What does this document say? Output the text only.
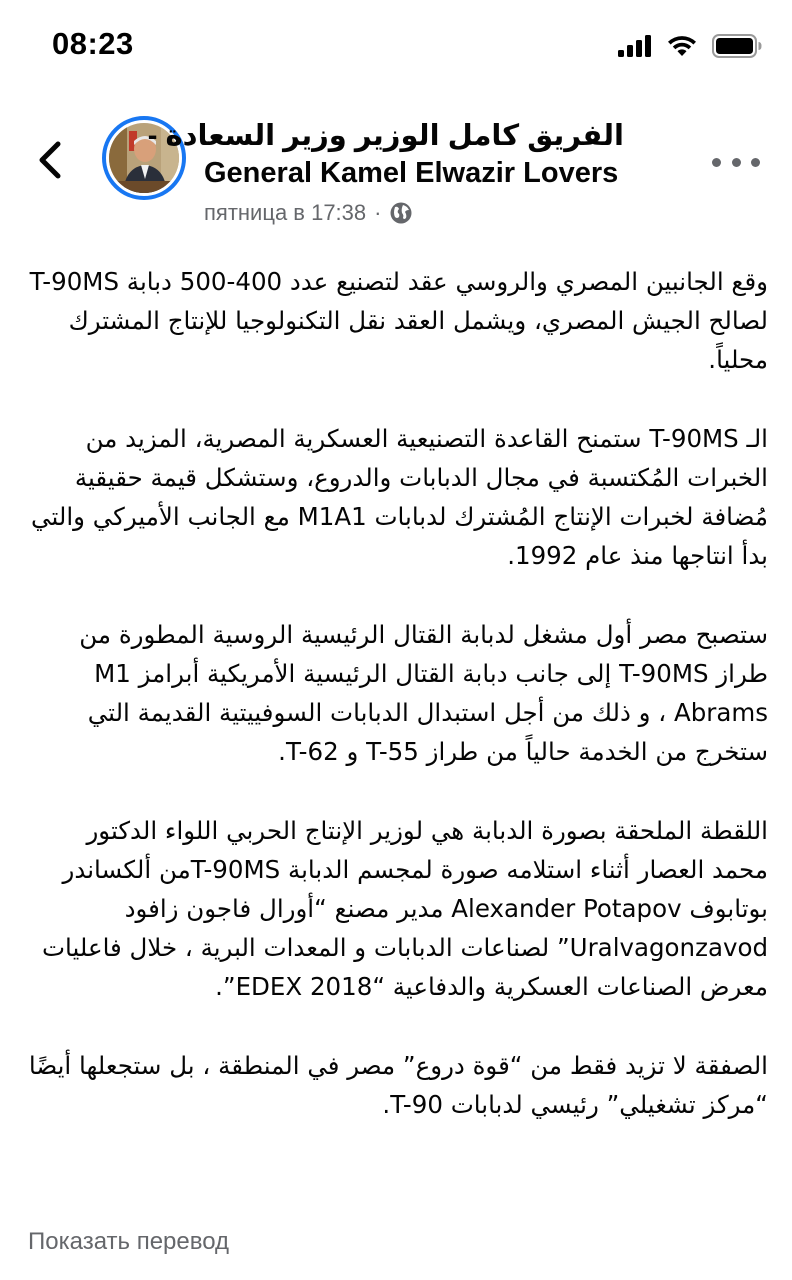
08:23
الفريق كامل الوزير وزير السعادة -
General Kamel Elwazir Lovers
пятница в 17:38 ·

وقع الجانبين المصري والروسي عقد لتصنيع عدد 400-500 دبابة T-90MS لصالح الجيش المصري، ويشمل العقد نقل التكنولوجيا للإنتاج المشترك محلياً.

الـ T-90MS ستمنح القاعدة التصنيعية العسكرية المصرية، المزيد من الخبرات المُكتسبة في مجال الدبابات والدروع، وستشكل قيمة حقيقية مُضافة لخبرات الإنتاج المُشترك لدبابات M1A1 مع الجانب الأميركي والتي بدأ انتاجها منذ عام 1992.

ستصبح مصر أول مشغل لدبابة القتال الرئيسية الروسية المطورة من طراز T-90MS إلى جانب دبابة القتال الرئيسية الأمريكية أبرامز M1 Abrams ، و ذلك من أجل استبدال الدبابات السوفييتية القديمة التي ستخرج من الخدمة حالياً من طراز T-55 و T-62.

اللقطة الملحقة بصورة الدبابة هي لوزير الإنتاج الحربي اللواء الدكتور محمد العصار أثناء استلامه صورة لمجسم الدبابة T-90MSمن ألكساندر بوتابوف Alexander Potapov مدير مصنع “أورال فاجون زافود Uralvagonzavod” لصناعات الدبابات و المعدات البرية ، خلال فاعليات معرض الصناعات العسكرية والدفاعية “EDEX 2018”.

الصفقة لا تزيد فقط من “قوة دروع” مصر في المنطقة ، بل ستجعلها أيضًا “مركز تشغيلي” رئيسي لدبابات T-90.

Показать перевод
